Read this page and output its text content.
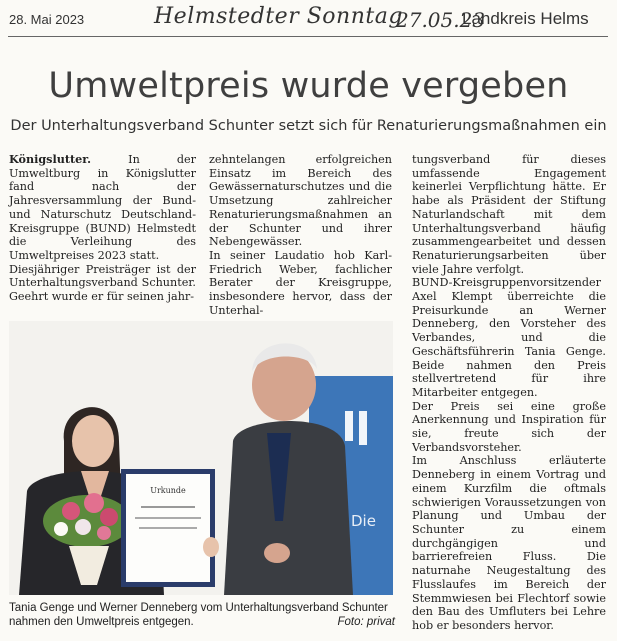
28. Mai 2023	Helmstedter Sonntag
27.05.23
Landkreis Helms
Umweltpreis wurde vergeben
Der Unterhaltungsverband Schunter setzt sich für Renaturierungsmaßnahmen ein

Königslutter.	In der Umweltburg in Königslutter fand nach der Jahresversammlung der Bund- und Naturschutz Deutschland-Kreisgruppe (BUND) Helmstedt die Verleihung des Umweltpreises 2023 statt.

Diesjähriger Preisträger ist der Unterhaltungsverband Schunter. Geehrt wurde er für seinen jahr-

zehntelangen erfolgreichen Einsatz im Bereich des Gewässernaturschutzes und die Umsetzung zahlreicher Renaturierungsmaßnahmen an der Schunter und ihrer Nebengewässer.

In seiner Laudatio hob Karl-Friedrich Weber, fachlicher Berater der Kreisgruppe, insbesondere hervor, dass der Unterhal-

tungsverband für dieses umfassende Engagement keinerlei Verpflichtung hätte. Er habe als Präsident der Stiftung Naturlandschaft mit dem Unterhaltungsverband häufig zusammengearbeitet und dessen Renaturierungsarbeiten über viele Jahre verfolgt.

BUND-Kreisgruppenvorsitzender Axel Klempt überreichte die Preisurkunde an Werner Denneberg, den Vorsteher des Verbandes, und die Geschäftsführerin Tania Genge. Beide nahmen den Preis stellvertretend für ihre Mitarbeiter entgegen.

Der Preis sei eine große Anerkennung und Inspiration für sie, freute sich der Verbandsvorsteher.

Im Anschluss erläuterte Denneberg in einem Vortrag und einem Kurzfilm die oftmals schwierigen Voraussetzungen von Planung und Umbau der Schunter zu einem durchgängigen und barrierefreien Fluss. Die naturnahe Neugestaltung des Flusslaufes im Bereich der Stemmwiesen bei Flechtorf sowie den Bau des Umfluters bei Lehre hob er besonders hervor.

Die
Urkunde
Tania Genge und Werner Denneberg vom Unterhaltungsverband Schunter nahmen den Umweltpreis entgegen.	Foto: privat
